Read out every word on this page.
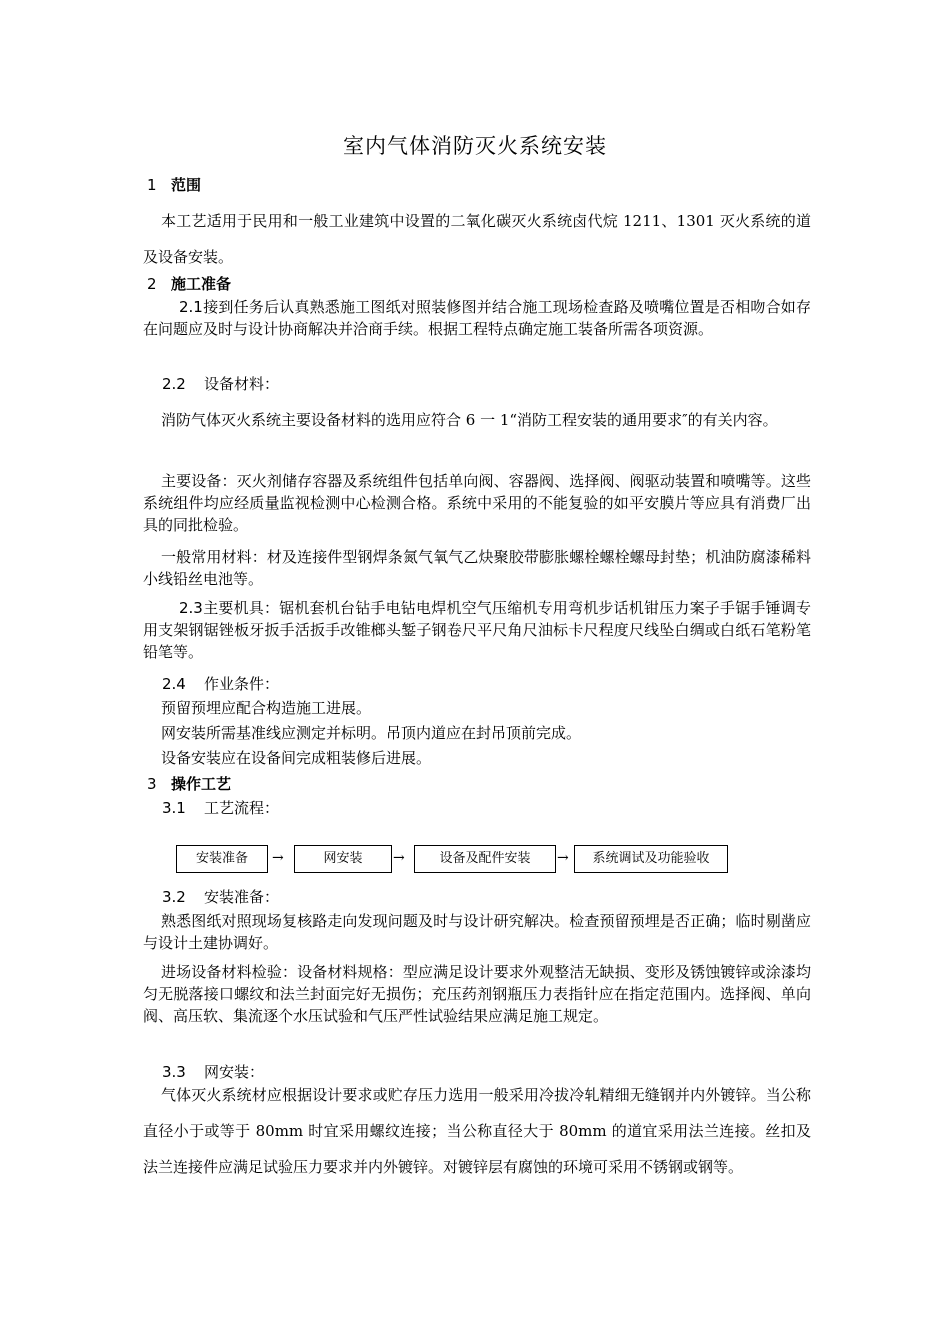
室内气体消防灭火系统安装
1 范围

本工艺适用于民用和一般工业建筑中设置的二氧化碳灭火系统卤代烷 1211、1301 灭火系统的道及设备安装。

2 施工准备

2.1接到任务后认真熟悉施工图纸对照装修图并结合施工现场检查路及喷嘴位置是否相吻合如存在问题应及时与设计协商解决并洽商手续。根据工程特点确定施工装备所需各项资源。

2.2 设备材料：

消防气体灭火系统主要设备材料的选用应符合 6 一 1“消防工程安装的通用要求″的有关内容。

主要设备：灭火剂储存容器及系统组件包括单向阀、容器阀、选择阀、阀驱动装置和喷嘴等。这些系统组件均应经质量监视检测中心检测合格。系统中采用的不能复验的如平安膜片等应具有消费厂出具的同批检验。

一般常用材料：材及连接件型钢焊条氮气氧气乙炔聚胶带膨胀螺栓螺栓螺母封垫；机油防腐漆稀料小线铅丝电池等。

2.3主要机具：锯机套机台钻手电钻电焊机空气压缩机专用弯机步话机钳压力案子手锯手锤调专用支架钢锯锉板牙扳手活扳手改锥榔头錾子钢卷尺平尺角尺油标卡尺程度尺线坠白绸或白纸石笔粉笔铅笔等。

2.4 作业条件：

预留预埋应配合构造施工进展。

网安装所需基准线应测定并标明。吊顶内道应在封吊顶前完成。

设备安装应在设备间完成粗装修后进展。

3 操作工艺
3.1 工艺流程：
安装准备	→	网安装	→	设备及配件安装	→	系统调试及功能验收
3.2 安装准备：

熟悉图纸对照现场复核路走向发现问题及时与设计研究解决。检查预留预埋是否正确；临时剔凿应与设计土建协调好。

进场设备材料检验：设备材料规格：型应满足设计要求外观整洁无缺损、变形及锈蚀镀锌或涂漆均匀无脱落接口螺纹和法兰封面完好无损伤；充压药剂钢瓶压力表指针应在指定范围内。选择阀、单向阀、高压软、集流逐个水压试验和气压严性试验结果应满足施工规定。

3.3 网安装：

气体灭火系统材应根据设计要求或贮存压力选用一般采用冷拔冷轧精细无缝钢并内外镀锌。当公称直径小于或等于 80mm 时宜采用螺纹连接；当公称直径大于 80mm 的道宜采用法兰连接。丝扣及法兰连接件应满足试验压力要求并内外镀锌。对镀锌层有腐蚀的环境可采用不锈钢或钢等。
